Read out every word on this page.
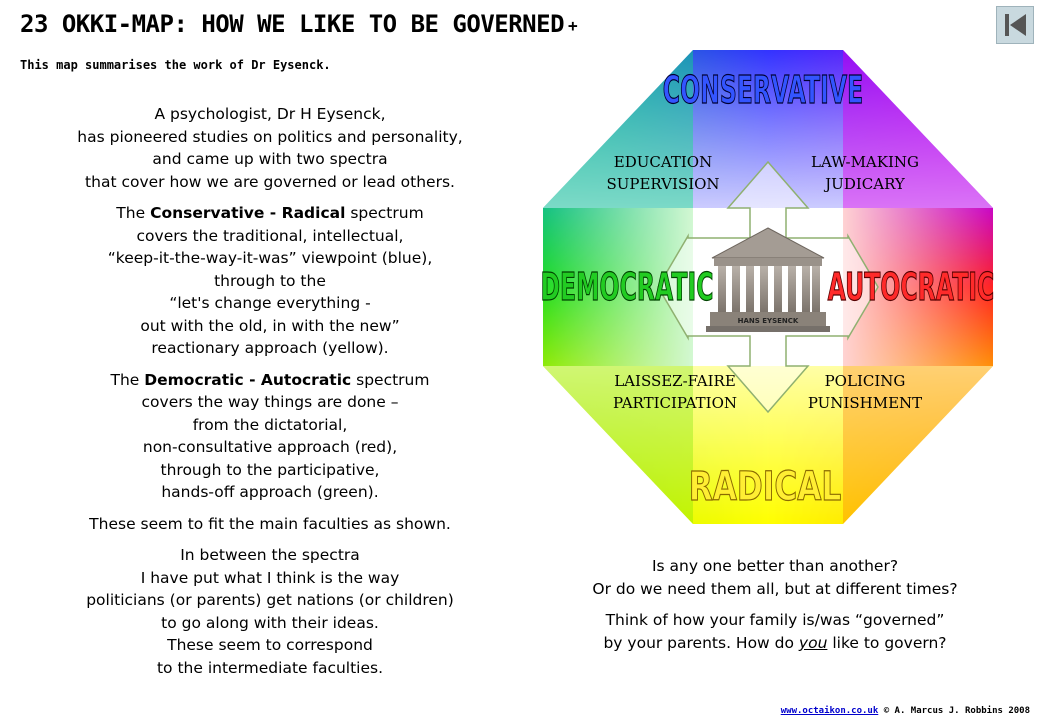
23 OKKI-MAP: HOW WE LIKE TO BE GOVERNED +
This map summarises the work of Dr Eysenck.

A psychologist, Dr H Eysenck,
has pioneered studies on politics and personality,
and came up with two spectra
that cover how we are governed or lead others.

The Conservative - Radical spectrum
covers the traditional, intellectual,
“keep-it-the-way-it-was” viewpoint (blue),
through to the
“let's change everything -
out with the old, in with the new”
reactionary approach (yellow).

The Democratic - Autocratic spectrum
covers the way things are done –
from the dictatorial,
non-consultative approach (red),
through to the participative,
hands-off approach (green).

These seem to fit the main faculties as shown.

In between the spectra
I have put what I think is the way
politicians (or parents) get nations (or children)
to go along with their ideas.
These seem to correspond
to the intermediate faculties.

HANS EYSENCK
CONSERVATIVE
RADICAL
DEMOCRATIC	AUTOCRATIC
EDUCATION
SUPERVISION
LAW-MAKING
JUDICARY
LAISSEZ-FAIRE
PARTICIPATION
POLICING
PUNISHMENT

Is any one better than another?
Or do we need them all, but at different times?

Think of how your family is/was “governed”
by your parents. How do you like to govern?

www.octaikon.co.uk © A. Marcus J. Robbins 2008
